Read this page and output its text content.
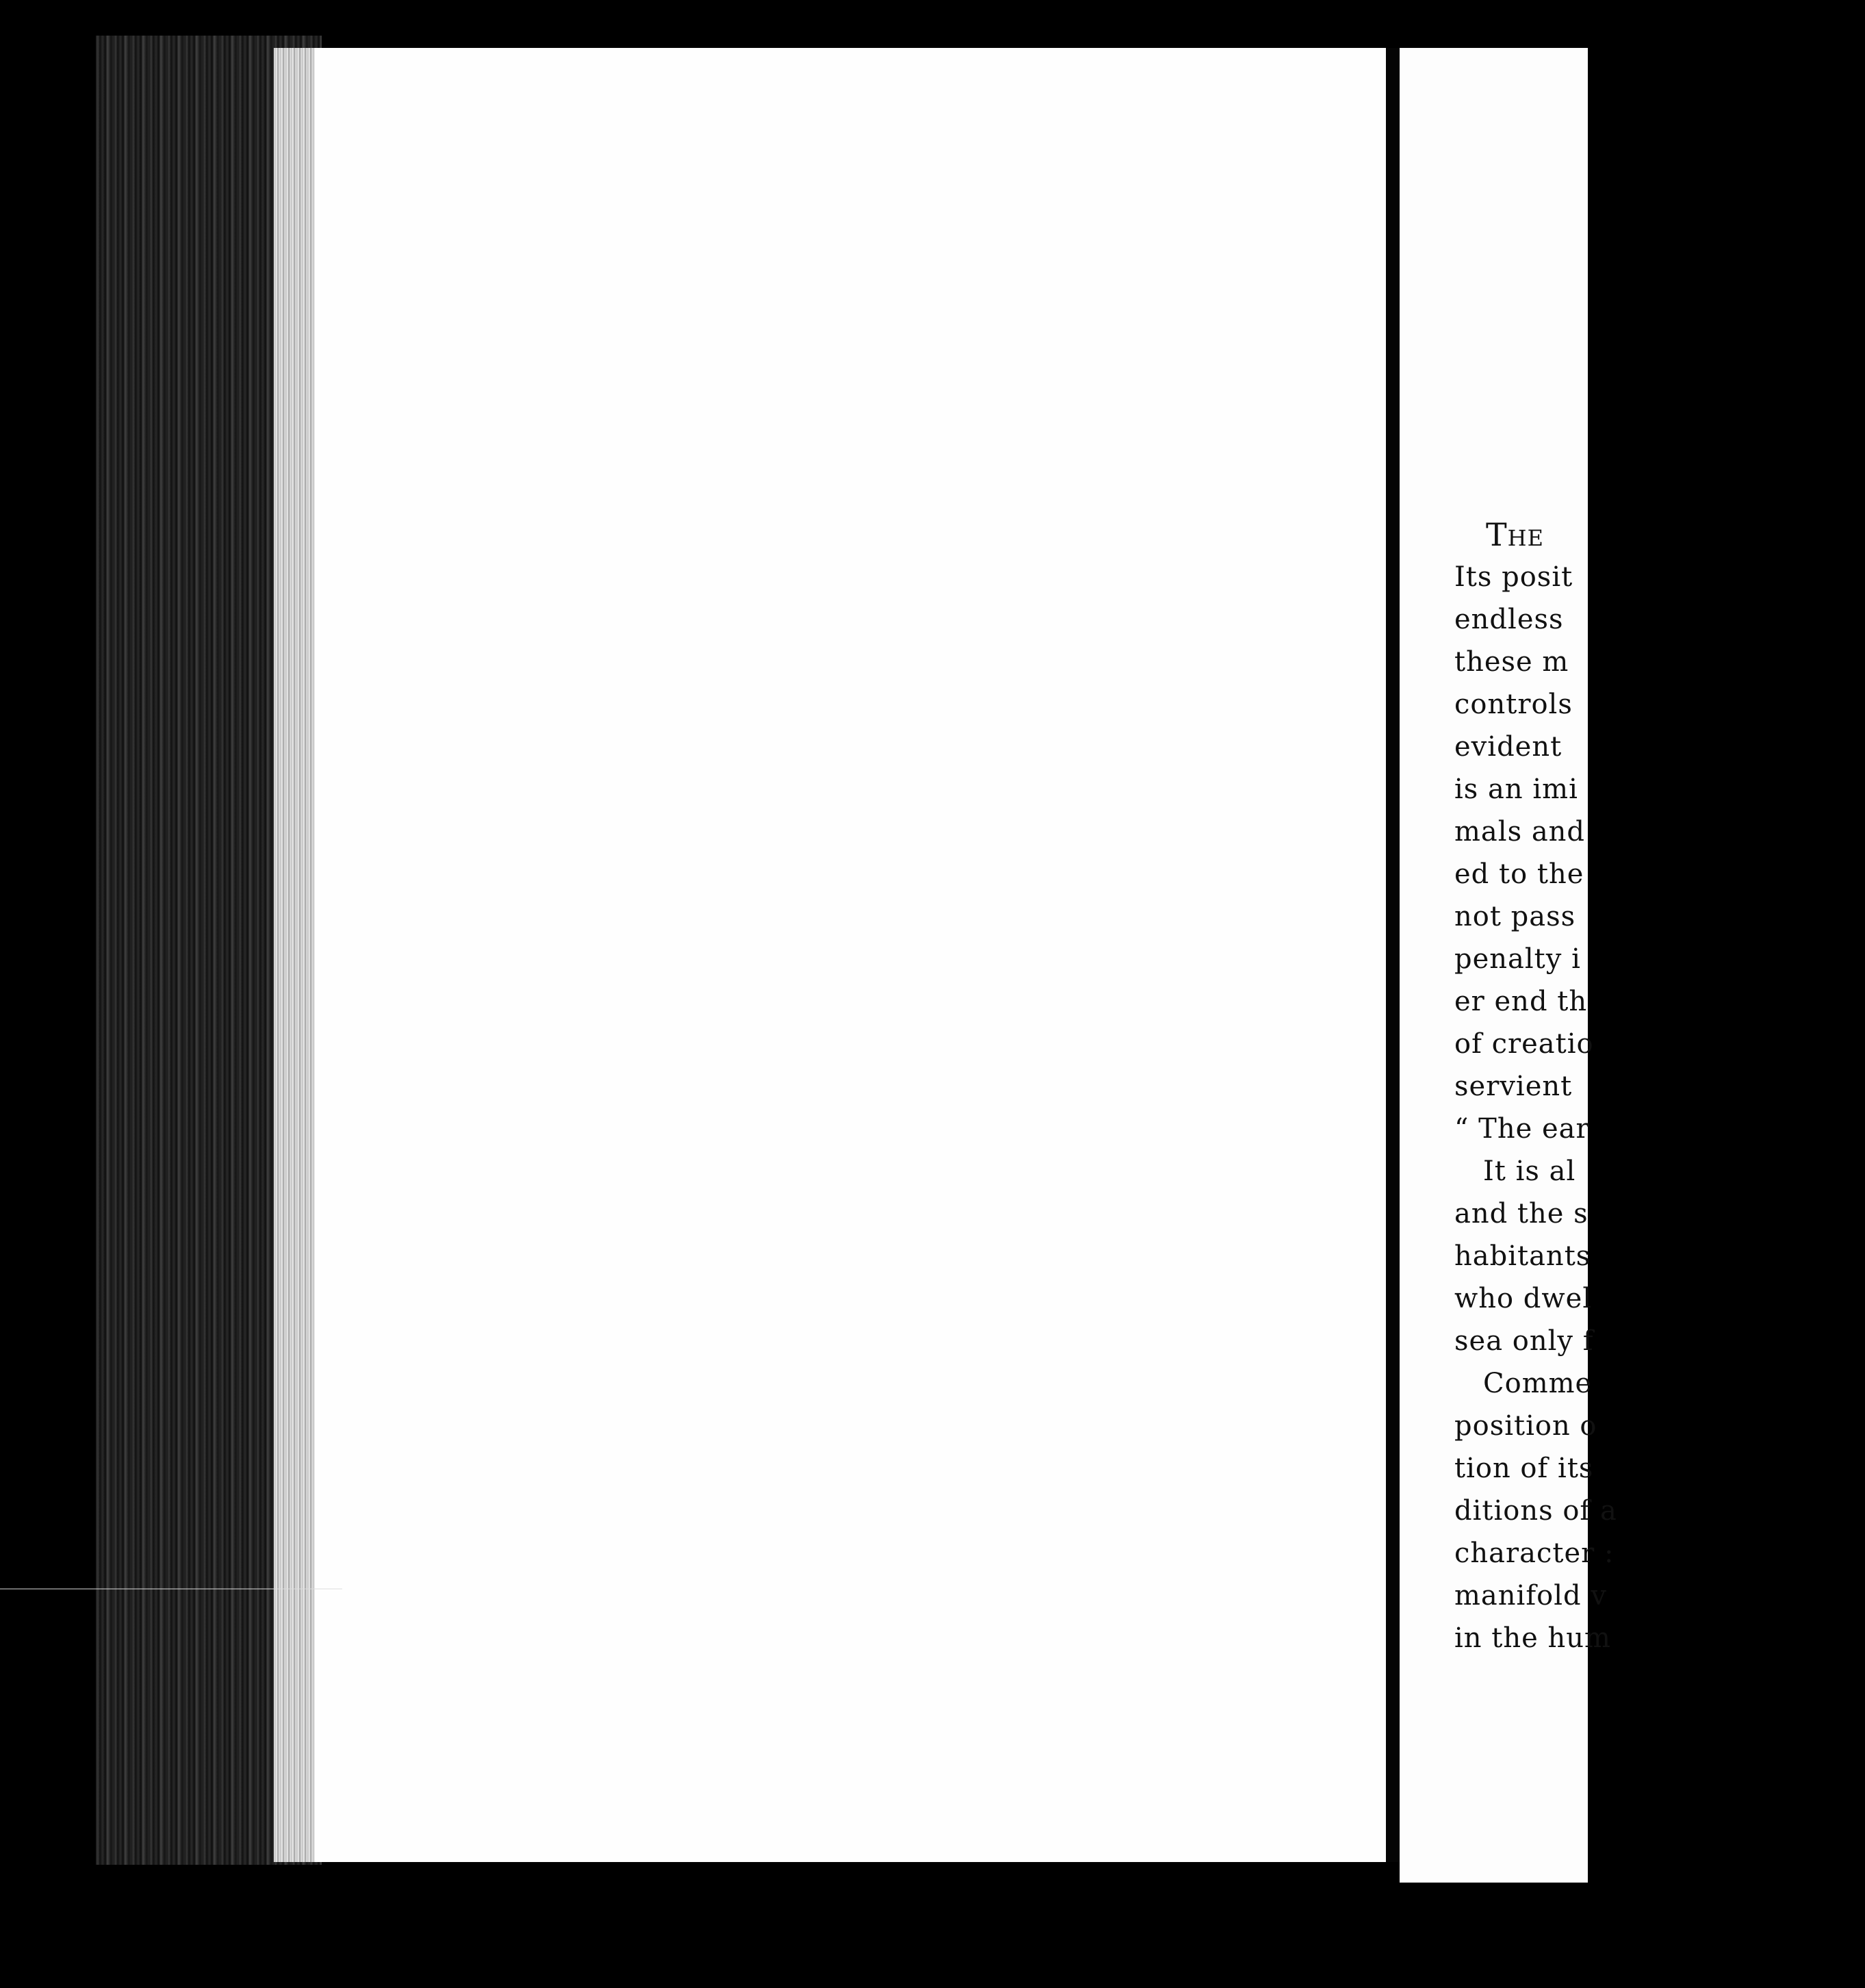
The
Its posit
endless
these m
controls
evident
is an imi
mals and
ed to the
not pass
penalty i
er end th
of creatio
servient
“ The ear
It is al
and the s
habitants
who dwel
sea only f
Comme
position o
tion of its
ditions of a
character :
manifold v
in the hum
